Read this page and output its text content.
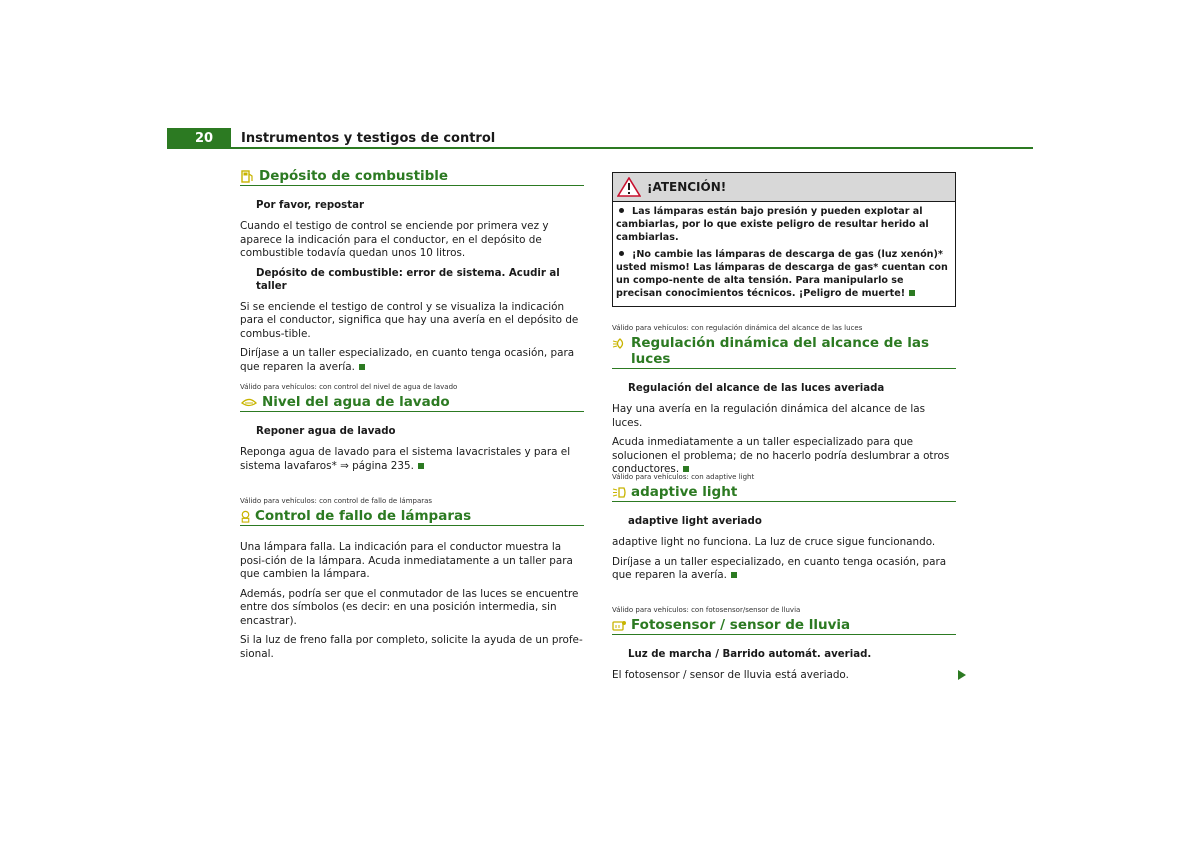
20	Instrumentos y testigos de control
Depósito de combustible
Por favor, repostar

Cuando el testigo de control se enciende por primera vez y aparece la indicación para el conductor, en el depósito de combustible todavía quedan unos 10 litros.

Depósito de combustible: error de sistema. Acudir al taller

Si se enciende el testigo de control y se visualiza la indicación para el conductor, significa que hay una avería en el depósito de combus-tible.

Diríjase a un taller especializado, en cuanto tenga ocasión, para que reparen la avería.

Válido para vehículos: con control del nivel de agua de lavado
Nivel del agua de lavado
Reponer agua de lavado

Reponga agua de lavado para el sistema lavacristales y para el sistema lavafaros* ⇒ página 235.

Válido para vehículos: con control de fallo de lámparas
Control de fallo de lámparas

Una lámpara falla. La indicación para el conductor muestra la posi-ción de la lámpara. Acuda inmediatamente a un taller para que cambien la lámpara.

Además, podría ser que el conmutador de las luces se encuentre entre dos símbolos (es decir: en una posición intermedia, sin encastrar).

Si la luz de freno falla por completo, solicite la ayuda de un profe-sional.

¡ATENCIÓN!

Las lámparas están bajo presión y pueden explotar al cambiarlas, por lo que existe peligro de resultar herido al cambiarlas.

¡No cambie las lámparas de descarga de gas (luz xenón)* usted mismo! Las lámparas de descarga de gas* cuentan con un compo-nente de alta tensión. Para manipularlo se precisan conocimientos técnicos. ¡Peligro de muerte!

Válido para vehículos: con regulación dinámica del alcance de las luces
Regulación dinámica del alcance de las luces
Regulación del alcance de las luces averiada

Hay una avería en la regulación dinámica del alcance de las luces.

Acuda inmediatamente a un taller especializado para que solucionen el problema; de no hacerlo podría deslumbrar a otros conductores.

Válido para vehículos: con adaptive light
adaptive light
adaptive light averiado

adaptive light no funciona. La luz de cruce sigue funcionando.

Diríjase a un taller especializado, en cuanto tenga ocasión, para que reparen la avería.

Válido para vehículos: con fotosensor/sensor de lluvia
Fotosensor / sensor de lluvia
Luz de marcha / Barrido automát. averiad.

El fotosensor / sensor de lluvia está averiado.
